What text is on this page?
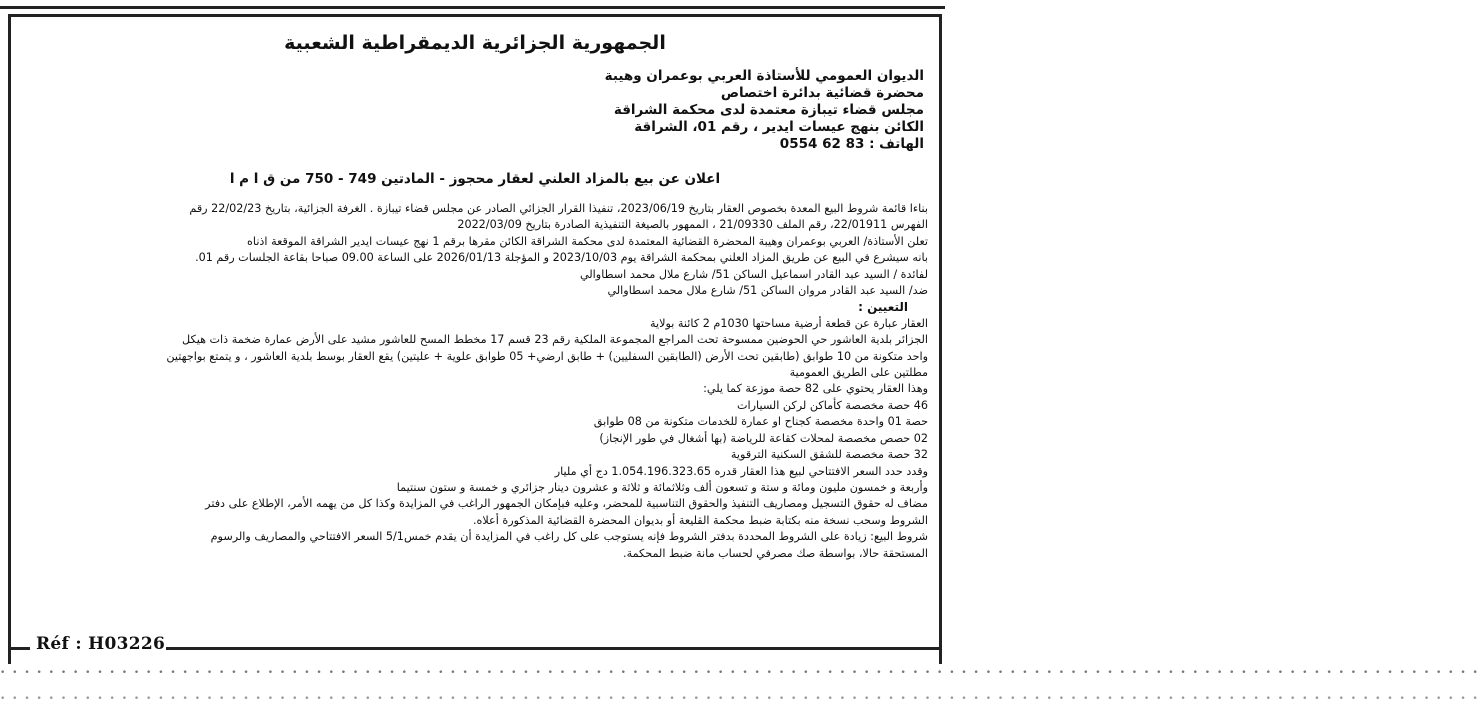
الجمهورية الجزائرية الديمقراطية الشعبية
الديوان العمومي للأستاذة العربي بوعمران وهيبة
محضرة قضائية بدائرة اختصاص
مجلس قضاء تيبازة معتمدة لدى محكمة الشراقة
الكائن بنهج عيسات ايدير ، رقم 01، الشراقة
الهاتف : 83 62 0554
اعلان عن بيع بالمزاد العلني لعقار محجوز - المادتين 749 - 750 من ق ا م ا

بناءا قائمة شروط البيع المعدة بخصوص العقار بتاريخ 2023/06/19، تنفيذا القرار الجزائي الصادر عن مجلس قضاء تيبازة . الغرفة الجزائية، بتاريخ 22/02/23 رقم

الفهرس 22/01911، رقم الملف 21/09330 ، الممهور بالصيغة التنفيذية الصادرة بتاريخ 2022/03/09

تعلن الأستاذة/ العربي بوعمران وهيبة المحضرة القضائية المعتمدة لدى محكمة الشراقة الكائن مقرها برقم 1 نهج عيسات ايدير الشراقة الموقعة اذناه

بانه سيشرع في البيع عن طريق المزاد العلني بمحكمة الشراقة يوم 2023/10/03 و المؤجلة 2026/01/13 على الساعة 09.00 صباحا بقاعة الجلسات رقم 01.

لفائدة / السيد عبد القادر اسماعيل الساكن 51/ شارع ملال محمد اسطاوالي

ضد/ السيد عبد القادر مروان الساكن 51/ شارع ملال محمد اسطاوالي

التعيين :

العقار عبارة عن قطعة أرضية مساحتها 1030م 2 كائنة بولاية

الجزائر بلدية العاشور حي الحوضين ممسوحة تحت المراجع المجموعة الملكية رقم 23 قسم 17 مخطط المسح للعاشور مشيد على الأرض عمارة ضخمة ذات هيكل

واحد متكونة من 10 طوابق (طابقين تحت الأرض (الطابقين السفليين) + طابق ارضي+ 05 طوابق علوية + عليتين) يقع العقار بوسط بلدية العاشور ، و يتمتع بواجهتين

مطلتين على الطريق العمومية

وهذا العقار يحتوي على 82 حصة موزعة كما يلي:

46 حصة مخصصة كأماكن لركن السيارات

حصة 01 واحدة مخصصة كجناح او عمارة للخدمات متكونة من 08 طوابق

02 حصص مخصصة لمحلات كقاعة للرياضة (بها أشغال في طور الإنجاز)

32 حصة مخصصة للشقق السكنية الترقوية

وقدد حدد السعر الافتتاحي لبيع هذا العقار قدره 1.054.196.323.65 دج أي مليار

وأربعة و خمسون مليون ومائة و ستة و تسعون ألف وثلاثمائة و ثلاثة و عشرون دينار جزائري و خمسة و ستون سنتيما

مضاف له حقوق التسجيل ومصاريف التنفيذ والحقوق التناسبية للمحضر، وعليه فبإمكان الجمهور الراغب في المزايدة وكذا كل من يهمه الأمر، الإطلاع على دفتر

الشروط وسحب نسخة منه بكتابة ضبط محكمة القليعة أو بديوان المحضرة القضائية المذكورة أعلاه.

شروط البيع: زيادة على الشروط المحددة بدفتر الشروط فإنه يستوجب على كل راغب في المزايدة أن يقدم خمس5/1 السعر الافتتاحي والمصاريف والرسوم

المستحقة حالا، بواسطة صك مصرفي لحساب مانة ضبط المحكمة.

Réf : H03226
• • • • • • • • • • • • • • • • • • • • • • • • • • • • • • • • • • • • • • • • • • • • • • • • • • • • • • • • • • • • • • • • • • • • • • • • • • • • • • • • • • • • • • • • • • • • • • • • • • • • • • • • • • • • • • • • • • • • • • • • • •
• • • • • • • • • • • • • • • • • • • • • • • • • • • • • • • • • • • • • • • • • • • • • • • • • • • • • • • • • • • • • • • • • • • • • • • • • • • • • • • • • • • • • • • • • • • • • • • • • • • • • • • • • • • • • • • • • • • • • • • • • •
